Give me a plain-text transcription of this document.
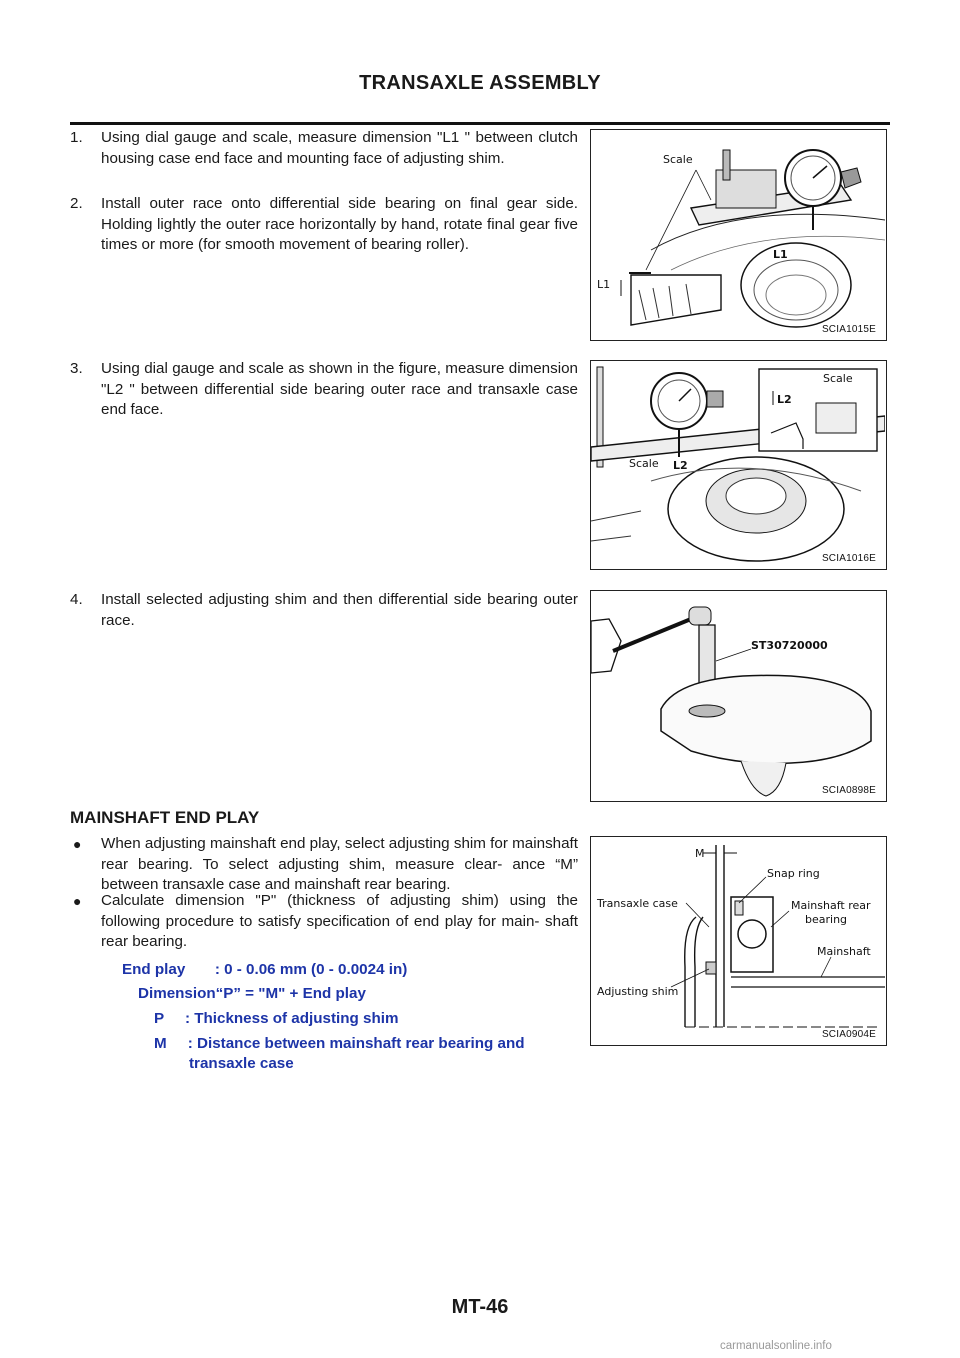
TRANSAXLE ASSEMBLY
1. Using dial gauge and scale, measure dimension "L1 " between clutch housing case end face and mounting face of adjusting shim.
2. Install outer race onto differential side bearing on final gear side. Holding lightly the outer race horizontally by hand, rotate final gear five times or more (for smooth movement of bearing roller).
3. Using dial gauge and scale as shown in the figure, measure dimension "L2 " between differential side bearing outer race and transaxle case end face.
4. Install selected adjusting shim and then differential side bearing outer race.
Scale
L1
L1
SCIA1015E
Scale
L2
Scale L2
SCIA1016E
ST30720000
SCIA0898E
MAINSHAFT END PLAY
● When adjusting mainshaft end play, select adjusting shim for mainshaft rear bearing. To select adjusting shim, measure clear- ance “M” between transaxle case and mainshaft rear bearing.
● Calculate dimension "P" (thickness of adjusting shim) using the following procedure to satisfy specification of end play for main- shaft rear bearing.
End play       : 0 - 0.06 mm (0 - 0.0024 in)
Dimension“P” = "M" + End play
P     : Thickness of adjusting shim
M     : Distance between mainshaft rear bearing and
transaxle case
M
Snap ring
Transaxle case	Mainshaft rear
bearing
Mainshaft
Adjusting shim
SCIA0904E
MT-46
carmanualsonline.info
